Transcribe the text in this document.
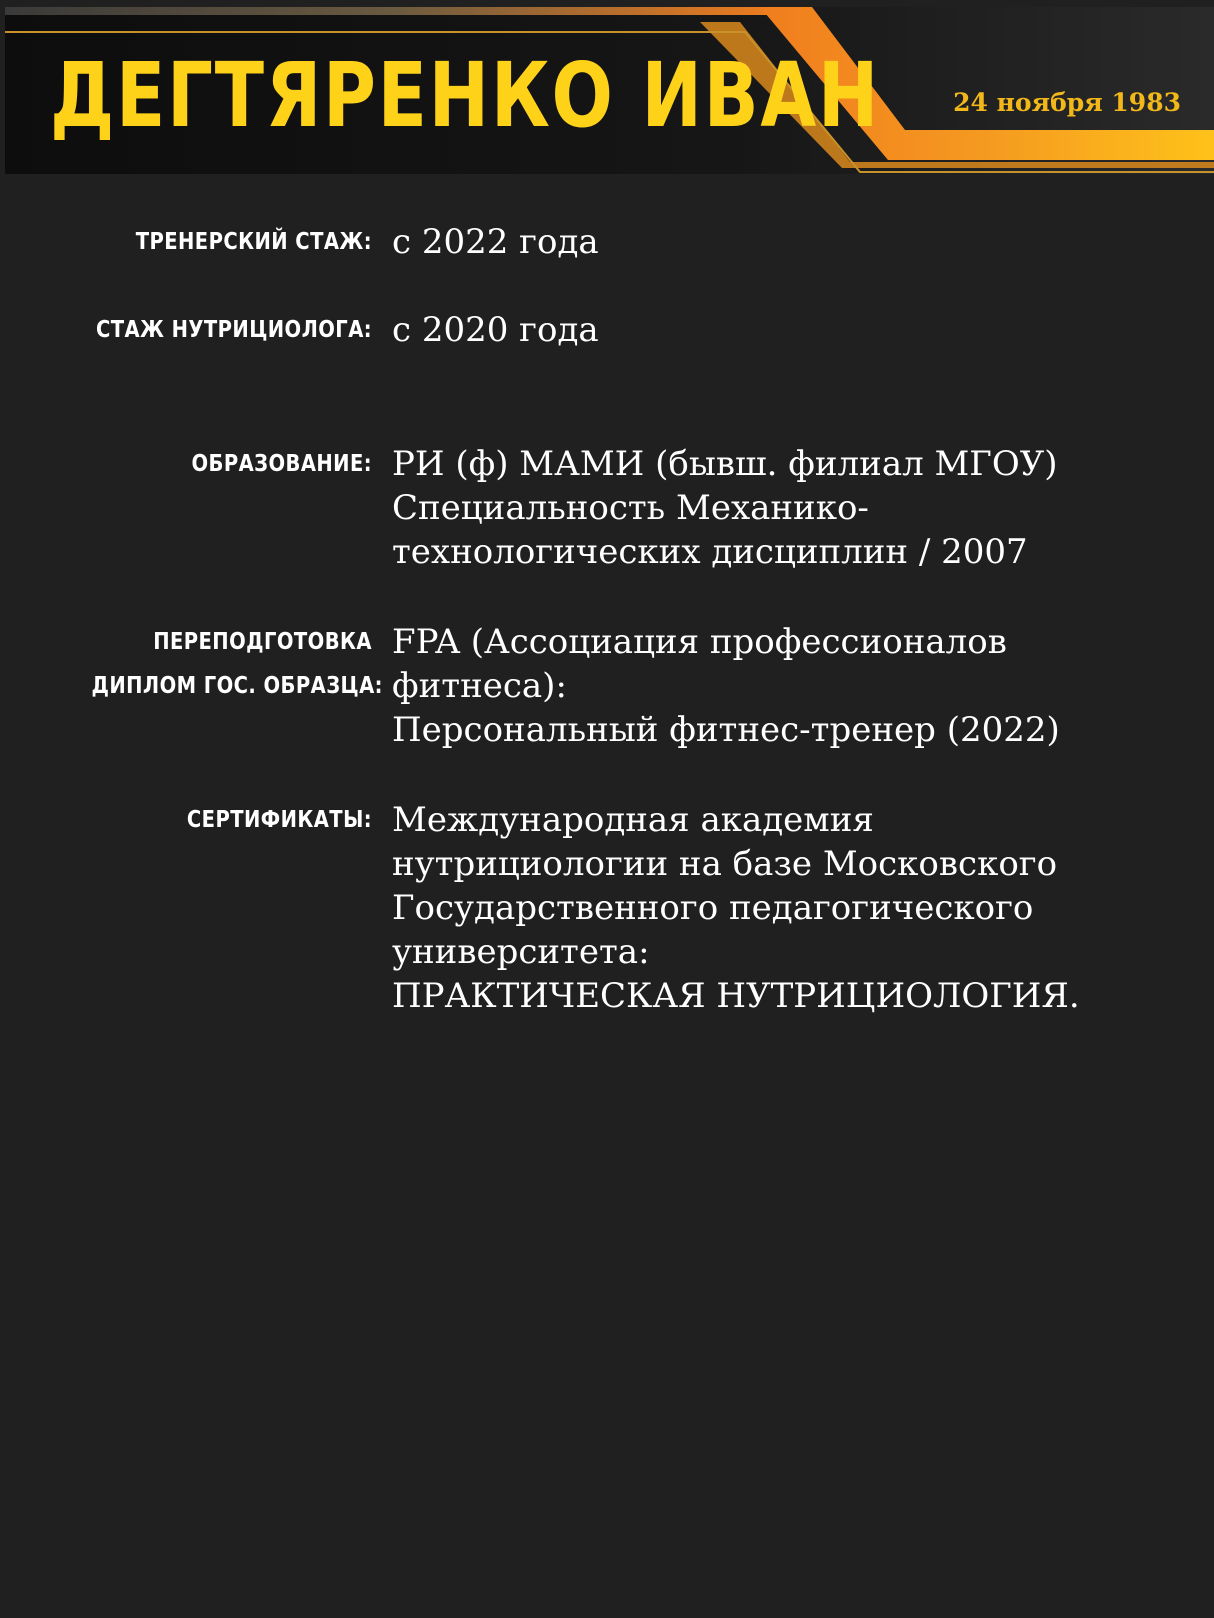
ДЕГТЯРЕНКО ИВАН	24 ноября 1983
ТРЕНЕРСКИЙ СТАЖ: с 2022 года
СТАЖ НУТРИЦИОЛОГА: с 2020 года
ОБРАЗОВАНИЕ: РИ (ф) МАМИ (бывш. филиал МГОУ)
Специальность Механико-
технологических дисциплин / 2007
ПЕРЕПОДГОТОВКА
ДИПЛОМ ГОС. ОБРАЗЦА:
FPA (Ассоциация профессионалов
фитнеса):
Персональный фитнес-тренер (2022)
СЕРТИФИКАТЫ: Международная академия
нутрициологии на базе Московского
Государственного педагогического
университета:
ПРАКТИЧЕСКАЯ НУТРИЦИОЛОГИЯ.
